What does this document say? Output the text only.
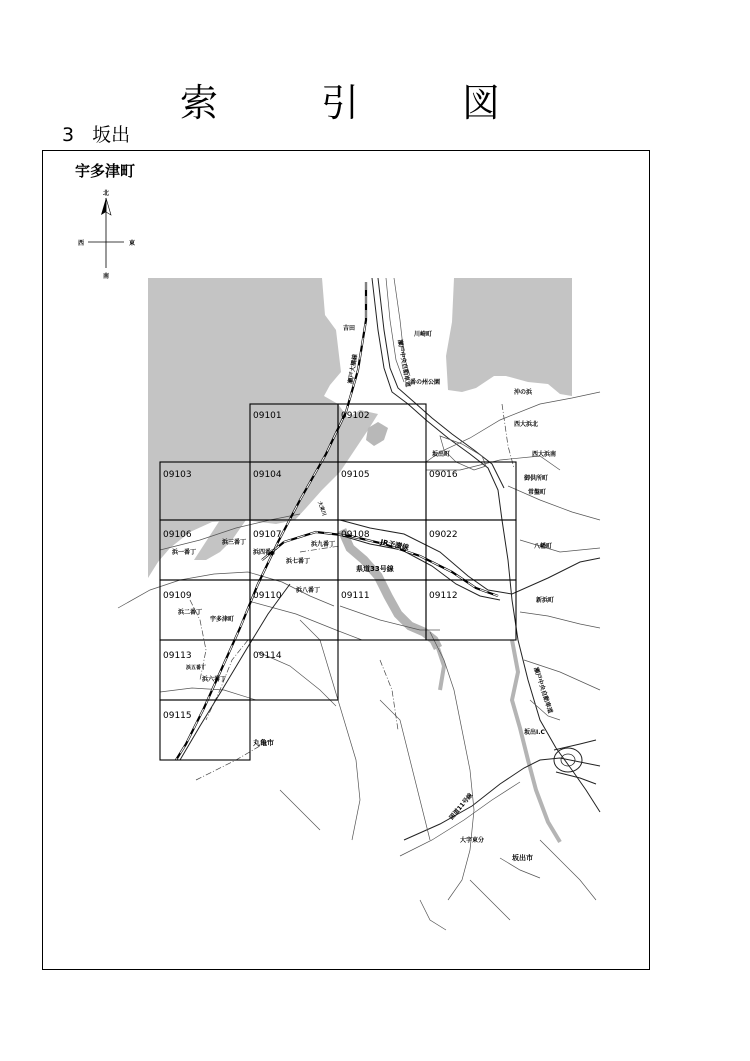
索	引	図
3 坂出
宇多津町
北
南
東
西
09101	09102
09103	09104	09105	09016
09106	09107	09108	09022
09109	09110	09111	09112
09113	09114
09115
吉田
川崎町
番の州公園
沖の浜
西大浜北
西大浜南
坂出町
御供所町
常盤町
八幡町
新浜町
浜一番丁
浜二番丁
浜三番丁
浜四番丁
浜五番丁
浜六番丁
浜七番丁
浜八番丁
浜九番丁
宇多津町
丸亀市
坂出I.C
大字東分
坂出市
瀬戸大橋線	瀬戸中央自動車道
瀬戸中央自動車道
JR予讃線
県道33号線
国道11号線
大束川
